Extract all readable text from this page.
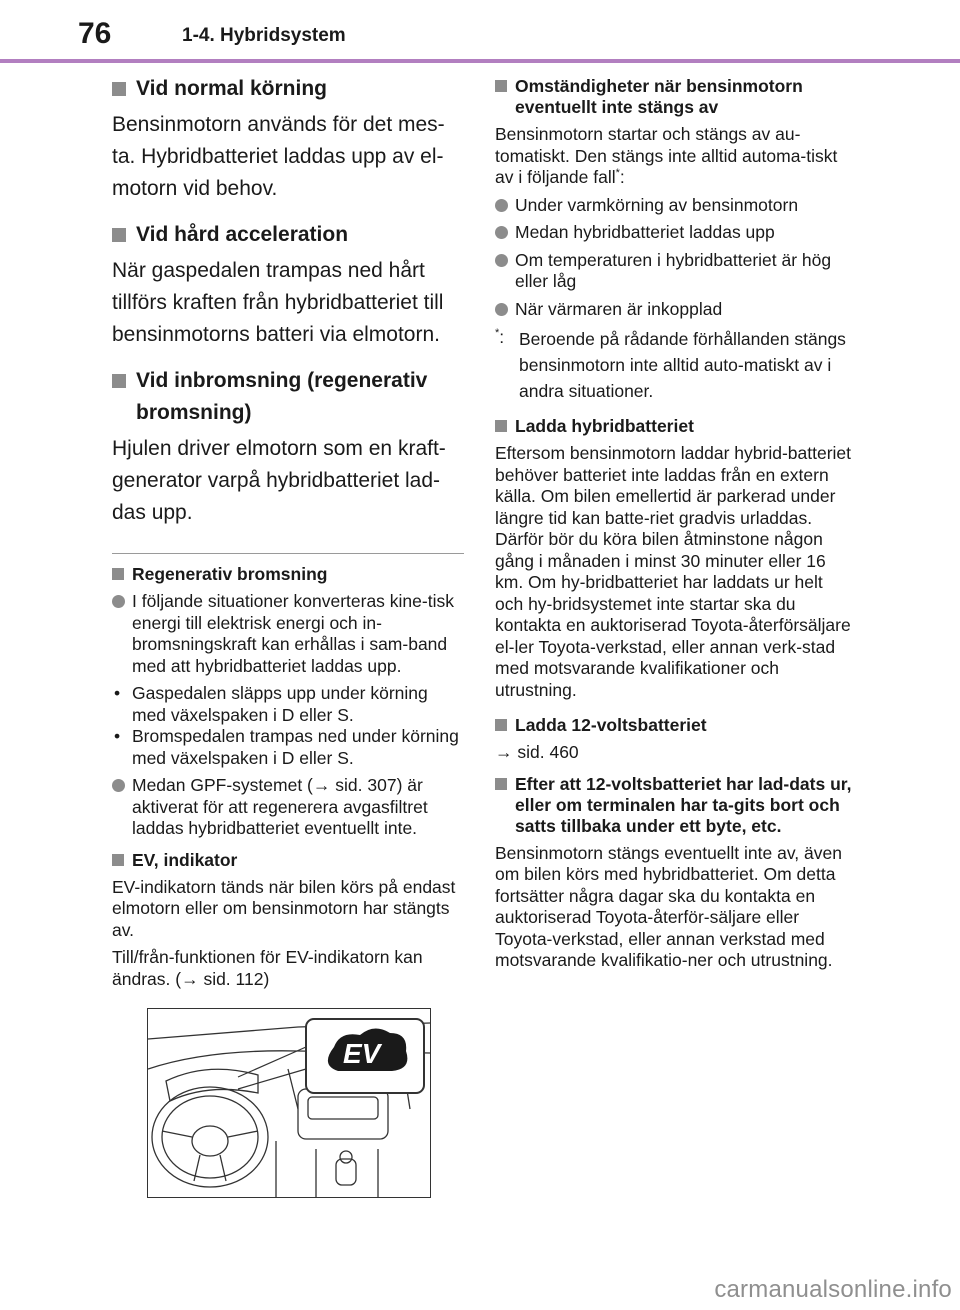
76	1-4. Hybridsystem

Vid normal körning

Bensinmotorn används för det mes-ta. Hybridbatteriet laddas upp av el-motorn vid behov.

Vid hård acceleration

När gaspedalen trampas ned hårt tillförs kraften från hybridbatteriet till bensinmotorns batteri via elmotorn.

Vid inbromsning (regenerativ bromsning)

Hjulen driver elmotorn som en kraft-generator varpå hybridbatteriet lad-das upp.

Regenerativ bromsning

I följande situationer konverteras kine-tisk energi till elektrisk energi och in-bromsningskraft kan erhållas i sam-band med att hybridbatteriet laddas upp.
• Gaspedalen släpps upp under körning med växelspaken i D eller S.
• Bromspedalen trampas ned under körning med växelspaken i D eller S.
Medan GPF-systemet (→ sid. 307) är aktiverat för att regenerera avgasfiltret laddas hybridbatteriet eventuellt inte.

EV, indikator

EV-indikatorn tänds när bilen körs på endast elmotorn eller om bensinmotorn har stängts av.

Till/från-funktionen för EV-indikatorn kan ändras. (→ sid. 112)

EV

Omständigheter när bensinmotorn eventuellt inte stängs av

Bensinmotorn startar och stängs av au-tomatiskt. Den stängs inte alltid automa-tiskt av i följande fall*:

Under varmkörning av bensinmotorn
Medan hybridbatteriet laddas upp
Om temperaturen i hybridbatteriet är hög eller låg
När värmaren är inkopplad
*: Beroende på rådande förhållanden stängs bensinmotorn inte alltid auto-matiskt av i andra situationer.

Ladda hybridbatteriet

Eftersom bensinmotorn laddar hybrid-batteriet behöver batteriet inte laddas från en extern källa. Om bilen emellertid är parkerad under längre tid kan batte-riet gradvis urladdas. Därför bör du köra bilen åtminstone någon gång i månaden i minst 30 minuter eller 16 km. Om hy-bridbatteriet har laddats ur helt och hy-bridsystemet inte startar ska du kontakta en auktoriserad Toyota-återförsäljare el-ler Toyota-verkstad, eller annan verk-stad med motsvarande kvalifikationer och utrustning.

Ladda 12-voltsbatteriet

→ sid. 460

Efter att 12-voltsbatteriet har lad-dats ur, eller om terminalen har ta-gits bort och satts tillbaka under ett byte, etc.

Bensinmotorn stängs eventuellt inte av, även om bilen körs med hybridbatteriet. Om detta fortsätter några dagar ska du kontakta en auktoriserad Toyota-återför-säljare eller Toyota-verkstad, eller annan verkstad med motsvarande kvalifikatio-ner och utrustning.

carmanualsonline.info
